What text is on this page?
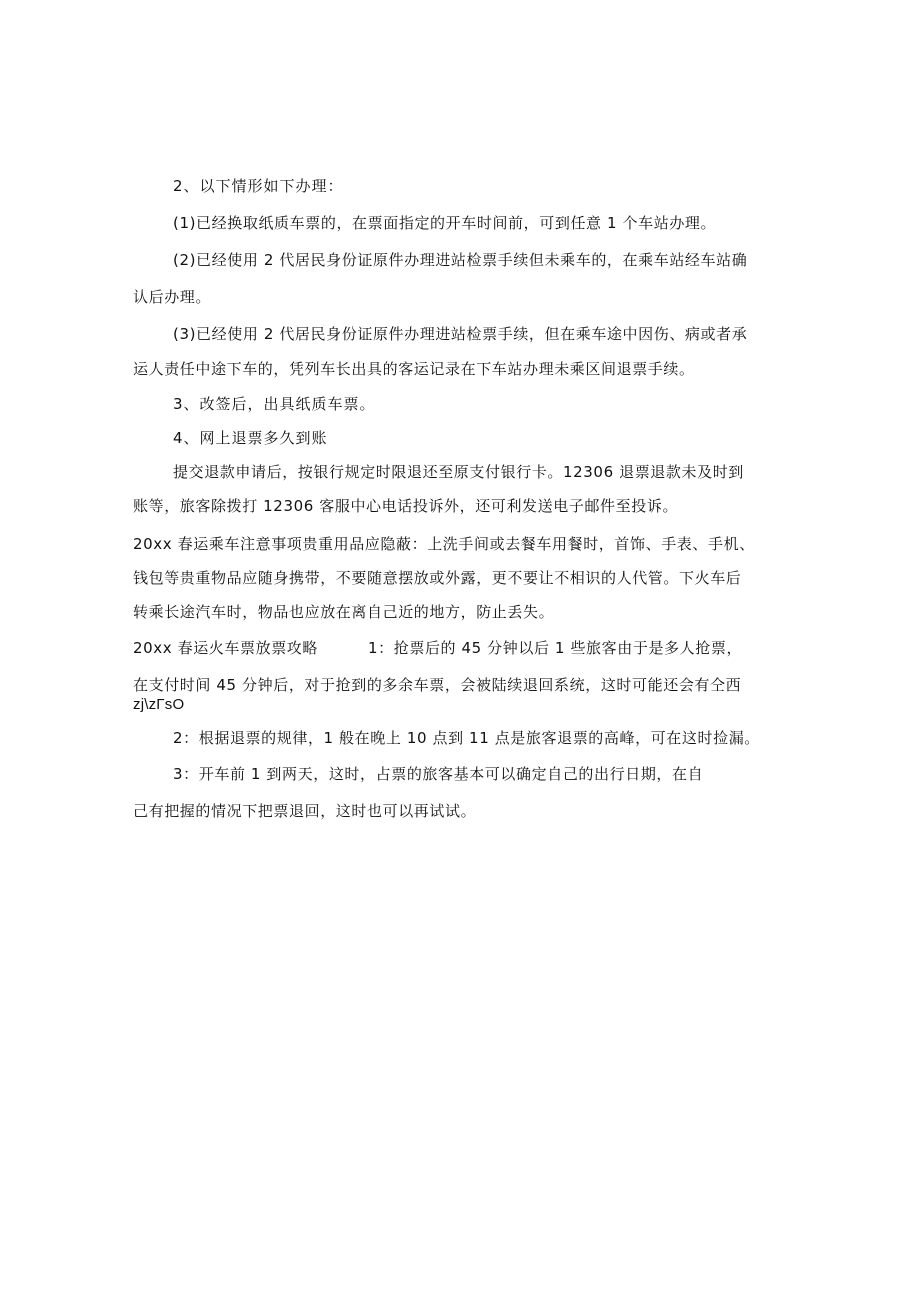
2、以下情形如下办理：
(1)已经换取纸质车票的，在票面指定的开车时间前，可到任意 1 个车站办理。
(2)已经使用 2 代居民身份证原件办理进站检票手续但未乘车的，在乘车站经车站确
认后办理。
(3)已经使用 2 代居民身份证原件办理进站检票手续，但在乘车途中因伤、病或者承
运人责任中途下车的，凭列车长出具的客运记录在下车站办理未乘区间退票手续。
3、改签后，出具纸质车票。
4、网上退票多久到账
提交退款申请后，按银行规定时限退还至原支付银行卡。12306 退票退款未及时到
账等，旅客除拨打 12306 客服中心电话投诉外，还可利发送电子邮件至投诉。
20xx 春运乘车注意事项贵重用品应隐蔽：上洗手间或去餐车用餐时，首饰、手表、手机、
钱包等贵重物品应随身携带，不要随意摆放或外露，更不要让不相识的人代管。下火车后
转乘长途汽车时，物品也应放在离自己近的地方，防止丢失。
20xx 春运火车票放票攻略	1：抢票后的 45 分钟以后 1 些旅客由于是多人抢票，
在支付时间 45 分钟后，对于抢到的多余车票，会被陆续退回系统，这时可能还会有仝西
zj\zΓsO
2：根据退票的规律，1 般在晚上 10 点到 11 点是旅客退票的高峰，可在这时捡漏。
3：开车前 1 到两天，这时，占票的旅客基本可以确定自己的出行日期，在自
己有把握的情况下把票退回，这时也可以再试试。
